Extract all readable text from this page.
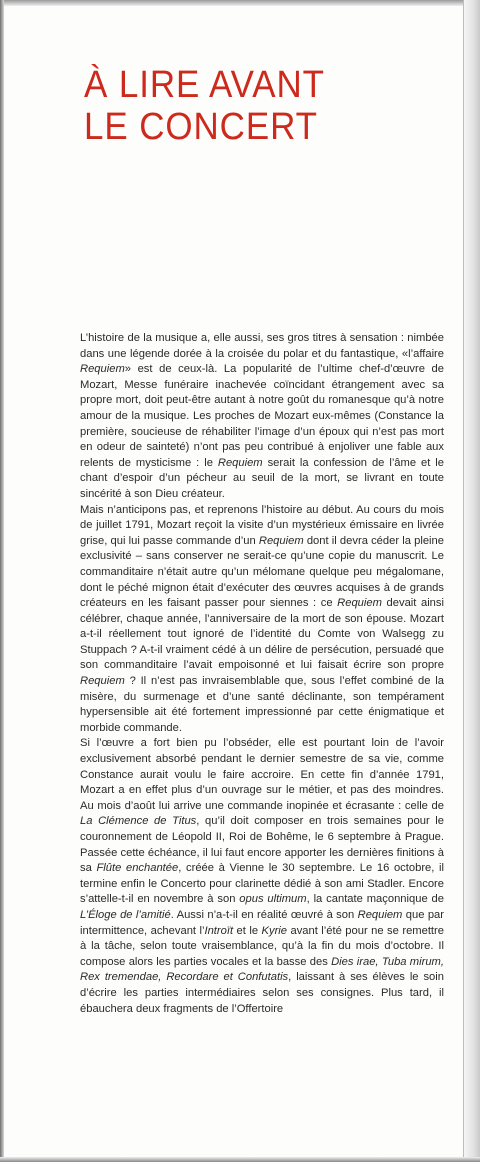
À LIRE AVANT
LE CONCERT

L’histoire de la musique a, elle aussi, ses gros titres à sensation : nimbée dans une légende dorée à la croisée du polar et du fantastique, «l’affaire Requiem» est de ceux-là. La popularité de l’ultime chef-d’œuvre de Mozart, Messe funéraire inachevée coïncidant étrangement avec sa propre mort, doit peut-être autant à notre goût du romanesque qu’à notre amour de la musique. Les proches de Mozart eux-mêmes (Constance la première, soucieuse de réhabiliter l’image d’un époux qui n’est pas mort en odeur de sainteté) n’ont pas peu contribué à enjoliver une fable aux relents de mysticisme : le Requiem serait la confession de l’âme et le chant d’espoir d’un pécheur au seuil de la mort, se livrant en toute sincérité à son Dieu créateur.

Mais n’anticipons pas, et reprenons l’histoire au début. Au cours du mois de juillet 1791, Mozart reçoit la visite d’un mystérieux émissaire en livrée grise, qui lui passe commande d’un Requiem dont il devra céder la pleine exclusivité – sans conserver ne serait-ce qu’une copie du manuscrit. Le commanditaire n’était autre qu’un mélomane quelque peu mégalomane, dont le péché mignon était d’exécuter des œuvres acquises à de grands créateurs en les faisant passer pour siennes : ce Requiem devait ainsi célébrer, chaque année, l’anniversaire de la mort de son épouse. Mozart a-t-il réellement tout ignoré de l’identité du Comte von Walsegg zu Stuppach ? A-t-il vraiment cédé à un délire de persécution, persuadé que son commanditaire l’avait empoisonné et lui faisait écrire son propre Requiem ? Il n’est pas invraisemblable que, sous l’effet combiné de la misère, du surmenage et d’une santé déclinante, son tempérament hypersensible ait été fortement impressionné par cette énigmatique et morbide commande.

Si l’œuvre a fort bien pu l’obséder, elle est pourtant loin de l’avoir exclusivement absorbé pendant le dernier semestre de sa vie, comme Constance aurait voulu le faire accroire. En cette fin d’année 1791, Mozart a en effet plus d’un ouvrage sur le métier, et pas des moindres. Au mois d’août lui arrive une commande inopinée et écrasante : celle de La Clémence de Titus, qu’il doit composer en trois semaines pour le couronnement de Léopold II, Roi de Bohême, le 6 septembre à Prague. Passée cette échéance, il lui faut encore apporter les dernières finitions à sa Flûte enchantée, créée à Vienne le 30 septembre. Le 16 octobre, il termine enfin le Concerto pour clarinette dédié à son ami Stadler. Encore s’attelle-t-il en novembre à son opus ultimum, la cantate maçonnique de L’Éloge de l’amitié. Aussi n’a-t-il en réalité œuvré à son Requiem que par intermittence, achevant l’Introït et le Kyrie avant l’été pour ne se remettre à la tâche, selon toute vraisemblance, qu’à la fin du mois d’octobre. Il compose alors les parties vocales et la basse des Dies irae, Tuba mirum, Rex tremendae, Recordare et Confutatis, laissant à ses élèves le soin d’écrire les parties intermédiaires selon ses consignes. Plus tard, il ébauchera deux fragments de l’Offertoire
